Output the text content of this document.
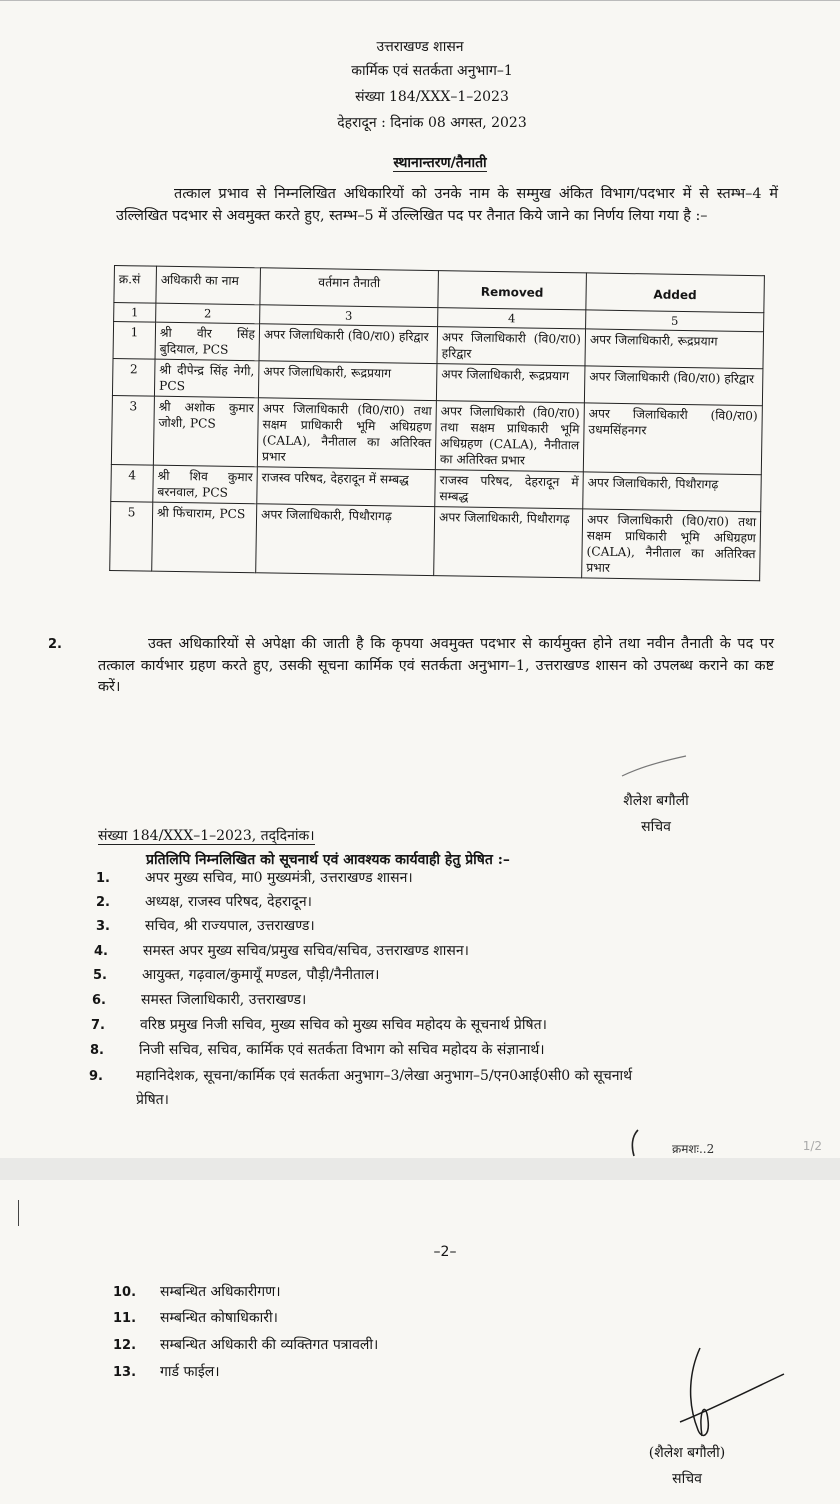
उत्तराखण्ड शासन
कार्मिक एवं सतर्कता अनुभाग–1
संख्या 184/XXX–1–2023
देहरादून : दिनांक 08 अगस्त, 2023
स्थानान्तरण/तैनाती
तत्काल प्रभाव से निम्नलिखित अधिकारियों को उनके नाम के सम्मुख अंकित विभाग/पदभार में से स्तम्भ–4 में उल्लिखित पदभार से अवमुक्त करते हुए, स्तम्भ–5 में उल्लिखित पद पर तैनात किये जाने का निर्णय लिया गया है :–
क्र.सं	अधिकारी का नाम	वर्तमान तैनाती	Removed	Added
1	2	3	4	5
1	श्री वीर सिंह बुदियाल, PCS	अपर जिलाधिकारी (वि0/रा0) हरिद्वार	अपर जिलाधिकारी (वि0/रा0) हरिद्वार	अपर जिलाधिकारी, रूद्रप्रयाग
2	श्री दीपेन्द्र सिंह नेगी, PCS	अपर जिलाधिकारी, रूद्रप्रयाग	अपर जिलाधिकारी, रूद्रप्रयाग	अपर जिलाधिकारी (वि0/रा0) हरिद्वार
3	श्री अशोक कुमार जोशी, PCS	अपर जिलाधिकारी (वि0/रा0) तथा सक्षम प्राधिकारी भूमि अधिग्रहण (CALA), नैनीताल का अतिरिक्त प्रभार	अपर जिलाधिकारी (वि0/रा0) तथा सक्षम प्राधिकारी भूमि अधिग्रहण (CALA), नैनीताल का अतिरिक्त प्रभार	अपर जिलाधिकारी (वि0/रा0) उधमसिंहनगर
4	श्री शिव कुमार बरनवाल, PCS	राजस्व परिषद, देहरादून में सम्बद्ध	राजस्व परिषद, देहरादून में सम्बद्ध	अपर जिलाधिकारी, पिथौरागढ़
5	श्री फिंचाराम, PCS	अपर जिलाधिकारी, पिथौरागढ़	अपर जिलाधिकारी, पिथौरागढ़	अपर जिलाधिकारी (वि0/रा0) तथा सक्षम प्राधिकारी भूमि अधिग्रहण (CALA), नैनीताल का अतिरिक्त प्रभार
2.	उक्त अधिकारियों से अपेक्षा की जाती है कि कृपया अवमुक्त पदभार से कार्यमुक्त होने तथा नवीन तैनाती के पद पर तत्काल कार्यभार ग्रहण करते हुए, उसकी सूचना कार्मिक एवं सतर्कता अनुभाग–1, उत्तराखण्ड शासन को उपलब्ध कराने का कष्ट करें।
शैलेश बगौली
सचिव
संख्या 184/XXX–1–2023, तद्‌दिनांक।
प्रतिलिपि निम्नलिखित को सूचनार्थ एवं आवश्यक कार्यवाही हेतु प्रेषित :–
1.	अपर मुख्य सचिव, मा0 मुख्यमंत्री, उत्तराखण्ड शासन।
2.	अध्यक्ष, राजस्व परिषद, देहरादून।
3.	सचिव, श्री राज्यपाल, उत्तराखण्ड।
4.	समस्त अपर मुख्य सचिव/प्रमुख सचिव/सचिव, उत्तराखण्ड शासन।
5.	आयुक्त, गढ़वाल/कुमायूँ मण्डल, पौड़ी/नैनीताल।
6.	समस्त जिलाधिकारी, उत्तराखण्ड।
7.	वरिष्ठ प्रमुख निजी सचिव, मुख्य सचिव को मुख्य सचिव महोदय के सूचनार्थ प्रेषित।
8.	निजी सचिव, सचिव, कार्मिक एवं सतर्कता विभाग को सचिव महोदय के संज्ञानार्थ।
9. महानिदेशक, सूचना/कार्मिक एवं सतर्कता अनुभाग–3/लेखा अनुभाग–5/एन0आई0सी0 को सूचनार्थ
प्रेषित।
क्रमशः..2	1/2
–2–
10. सम्बन्धित अधिकारीगण।
11. सम्बन्धित कोषाधिकारी।
12. सम्बन्धित अधिकारी की व्यक्तिगत पत्रावली।
13. गार्ड फाईल।
(शैलेश बगौली)
सचिव
